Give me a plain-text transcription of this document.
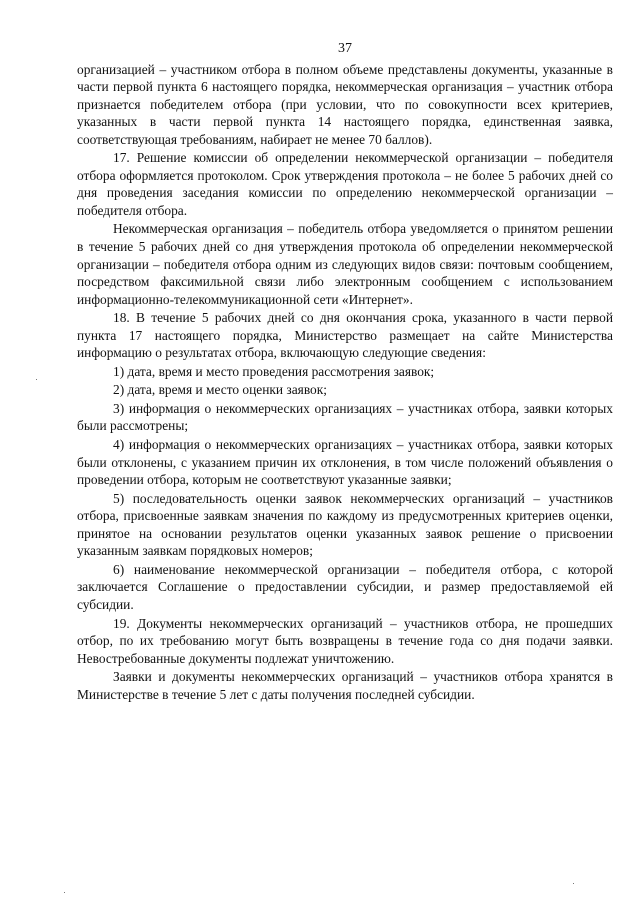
37

организацией – участником отбора в полном объеме представлены документы, указанные в части первой пункта 6 настоящего порядка, некоммерческая организация – участник отбора признается победителем отбора (при условии, что по совокупности всех критериев, указанных в части первой пункта 14 настоящего порядка, единственная заявка, соответствующая требованиям, набирает не менее 70 баллов).

17. Решение комиссии об определении некоммерческой организации – победителя отбора оформляется протоколом. Срок утверждения протокола – не более 5 рабочих дней со дня проведения заседания комиссии по определению некоммерческой организации – победителя отбора.

Некоммерческая организация – победитель отбора уведомляется о принятом решении в течение 5 рабочих дней со дня утверждения протокола об определении некоммерческой организации – победителя отбора одним из следующих видов связи: почтовым сообщением, посредством факсимильной связи либо электронным сообщением с использованием информационно-телекоммуникационной сети «Интернет».

18. В течение 5 рабочих дней со дня окончания срока, указанного в части первой пункта 17 настоящего порядка, Министерство размещает на сайте Министерства информацию о результатах отбора, включающую следующие сведения:

1) дата, время и место проведения рассмотрения заявок;

2) дата, время и место оценки заявок;

3) информация о некоммерческих организациях – участниках отбора, заявки которых были рассмотрены;

4) информация о некоммерческих организациях – участниках отбора, заявки которых были отклонены, с указанием причин их отклонения, в том числе положений объявления о проведении отбора, которым не соответствуют указанные заявки;

5) последовательность оценки заявок некоммерческих организаций – участников отбора, присвоенные заявкам значения по каждому из предусмотренных критериев оценки, принятое на основании результатов оценки указанных заявок решение о присвоении указанным заявкам порядковых номеров;

6) наименование некоммерческой организации – победителя отбора, с которой заключается Соглашение о предоставлении субсидии, и размер предоставляемой ей субсидии.

19. Документы некоммерческих организаций – участников отбора, не прошедших отбор, по их требованию могут быть возвращены в течение года со дня подачи заявки. Невостребованные документы подлежат уничтожению.

Заявки и документы некоммерческих организаций – участников отбора хранятся в Министерстве в течение 5 лет с даты получения последней субсидии.
